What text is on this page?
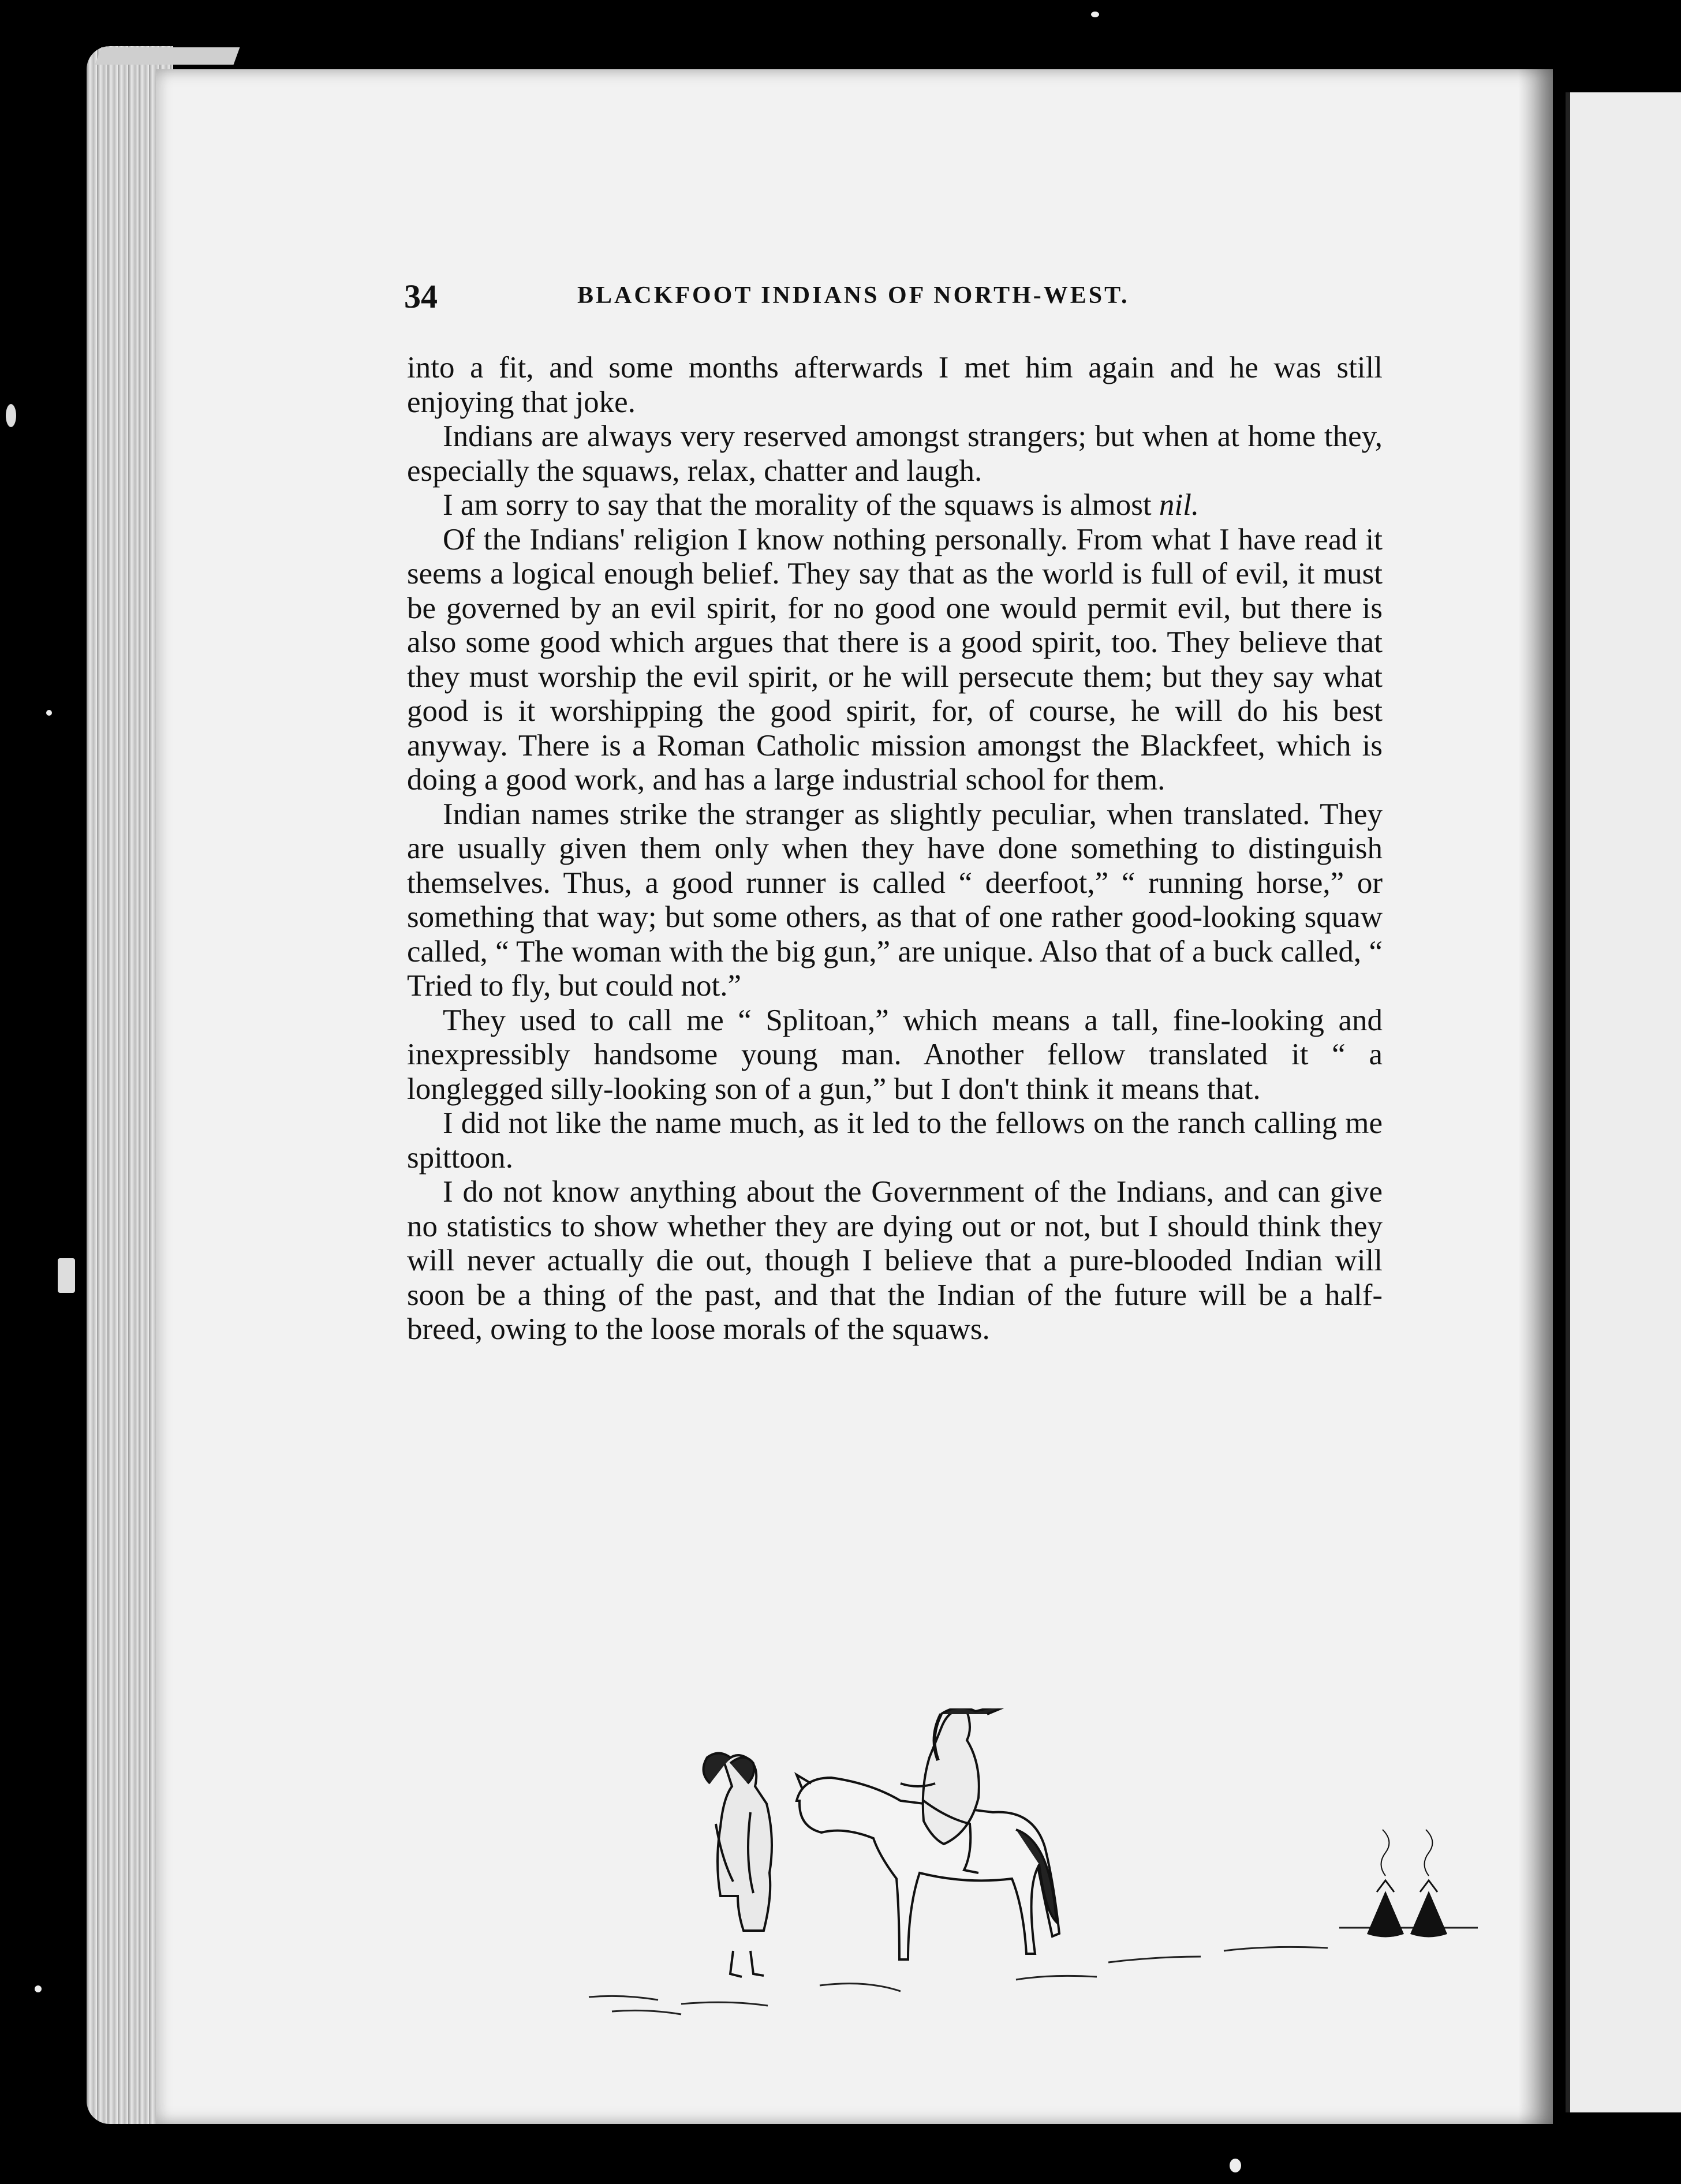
34	BLACKFOOT INDIANS OF NORTH-WEST.

into a fit, and some months afterwards I met him again and he was still enjoying that joke.

Indians are always very reserved amongst strangers; but when at home they, especially the squaws, relax, chatter and laugh.

I am sorry to say that the morality of the squaws is almost nil.

Of the Indians' religion I know nothing personally. From what I have read it seems a logical enough belief. They say that as the world is full of evil, it must be governed by an evil spirit, for no good one would permit evil, but there is also some good which argues that there is a good spirit, too. They believe that they must worship the evil spirit, or he will persecute them; but they say what good is it worshipping the good spirit, for, of course, he will do his best anyway. There is a Roman Catholic mission amongst the Blackfeet, which is doing a good work, and has a large industrial school for them.

Indian names strike the stranger as slightly peculiar, when translated. They are usually given them only when they have done something to distinguish themselves. Thus, a good runner is called “ deerfoot,” “ running horse,” or something that way; but some others, as that of one rather good-looking squaw called, “ The woman with the big gun,” are unique. Also that of a buck called, “ Tried to fly, but could not.”

They used to call me “ Splitoan,” which means a tall, fine-looking and inexpressibly handsome young man. Another fellow translated it “ a longlegged silly-looking son of a gun,” but I don't think it means that.

I did not like the name much, as it led to the fellows on the ranch calling me spittoon.

I do not know anything about the Government of the Indians, and can give no statistics to show whether they are dying out or not, but I should think they will never actually die out, though I believe that a pure-blooded Indian will soon be a thing of the past, and that the Indian of the future will be a half-breed, owing to the loose morals of the squaws.
